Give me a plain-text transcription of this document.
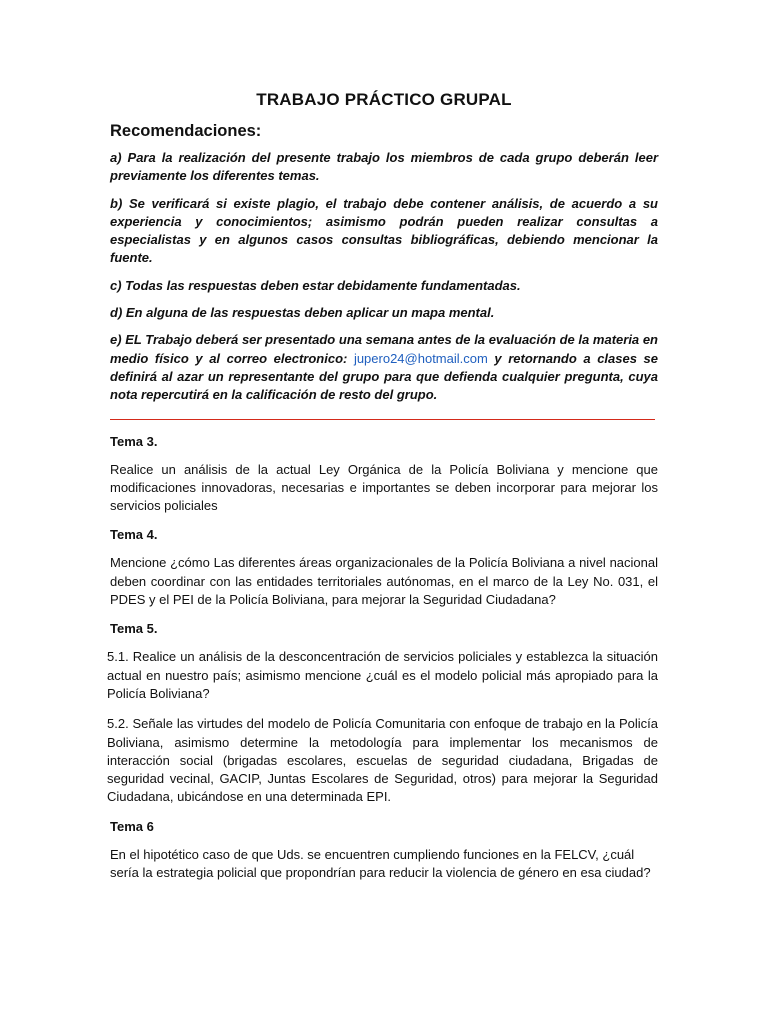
TRABAJO PRÁCTICO GRUPAL
Recomendaciones:

a) Para la realización del presente trabajo los miembros de cada grupo deberán leer previamente los diferentes temas.

b) Se verificará si existe plagio, el trabajo debe contener análisis, de acuerdo a su experiencia y conocimientos; asimismo podrán pueden realizar consultas a especialistas y en algunos casos consultas bibliográficas, debiendo mencionar la fuente.

c) Todas las respuestas deben estar debidamente fundamentadas.

d) En alguna de las respuestas deben aplicar un mapa mental.

e) EL Trabajo deberá ser presentado una semana antes de la evaluación de la materia en medio físico y al correo electronico: jupero24@hotmail.com y retornando a clases se definirá al azar un representante del grupo para que defienda cualquier pregunta, cuya nota repercutirá en la calificación de resto del grupo.

Tema 3.

Realice un análisis de la actual Ley Orgánica de la Policía Boliviana y mencione que modificaciones innovadoras, necesarias e importantes se deben incorporar para mejorar los servicios policiales

Tema 4.

Mencione ¿cómo Las diferentes áreas organizacionales de la Policía Boliviana a nivel nacional deben coordinar con las entidades territoriales autónomas, en el marco de la Ley No. 031, el PDES y el PEI de la Policía Boliviana, para mejorar la Seguridad Ciudadana?

Tema 5.

5.1. Realice un análisis de la desconcentración de servicios policiales y establezca la situación actual en nuestro país; asimismo mencione ¿cuál es el modelo policial más apropiado para la Policía Boliviana?

5.2. Señale las virtudes del modelo de Policía Comunitaria con enfoque de trabajo en la Policía Boliviana, asimismo determine la metodología para implementar los mecanismos de interacción social (brigadas escolares, escuelas de seguridad ciudadana, Brigadas de seguridad vecinal, GACIP, Juntas Escolares de Seguridad, otros) para mejorar la Seguridad Ciudadana, ubicándose en una determinada EPI.

Tema 6

En el hipotético caso de que Uds. se encuentren cumpliendo funciones en la FELCV, ¿cuál sería la estrategia policial que propondrían para reducir la violencia de género en esa ciudad?
